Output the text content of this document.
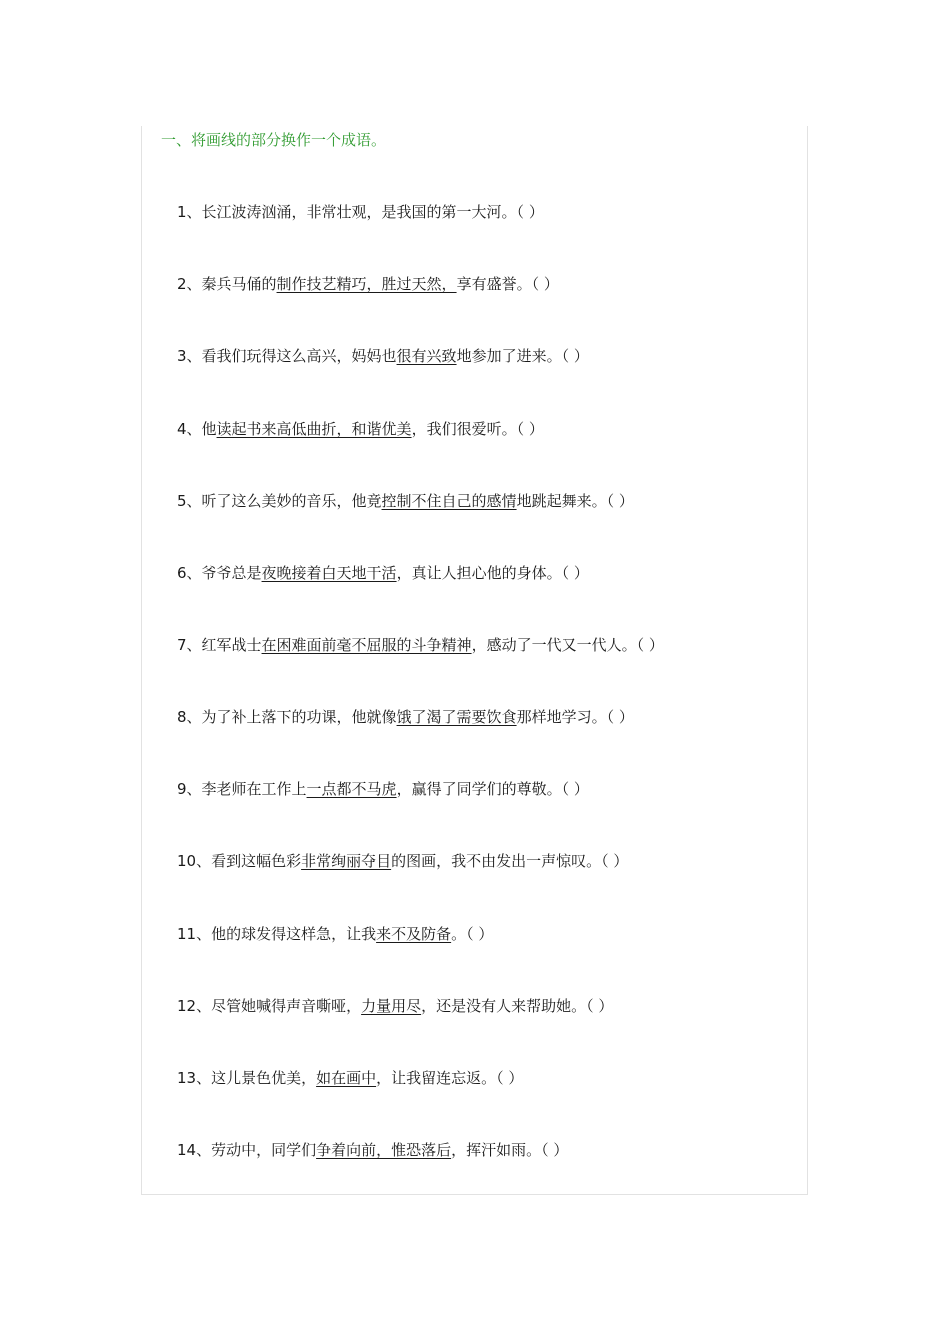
一、将画线的部分换作一个成语。
1、长江波涛汹涌，非常壮观，是我国的第一大河。（ ）
2、秦兵马俑的制作技艺精巧，胜过天然，享有盛誉。（ ）
3、看我们玩得这么高兴，妈妈也很有兴致地参加了进来。（ ）
4、他读起书来高低曲折，和谐优美，我们很爱听。（ ）
5、听了这么美妙的音乐，他竟控制不住自己的感情地跳起舞来。（ ）
6、爷爷总是夜晚接着白天地干活，真让人担心他的身体。（ ）
7、红军战士在困难面前毫不屈服的斗争精神，感动了一代又一代人。（ ）
8、为了补上落下的功课，他就像饿了渴了需要饮食那样地学习。（ ）
9、李老师在工作上一点都不马虎，赢得了同学们的尊敬。（ ）
10、看到这幅色彩非常绚丽夺目的图画，我不由发出一声惊叹。（ ）
11、他的球发得这样急，让我来不及防备。（ ）
12、尽管她喊得声音嘶哑，力量用尽，还是没有人来帮助她。（ ）
13、这儿景色优美，如在画中，让我留连忘返。（ ）
14、劳动中，同学们争着向前，惟恐落后，挥汗如雨。（ ）
